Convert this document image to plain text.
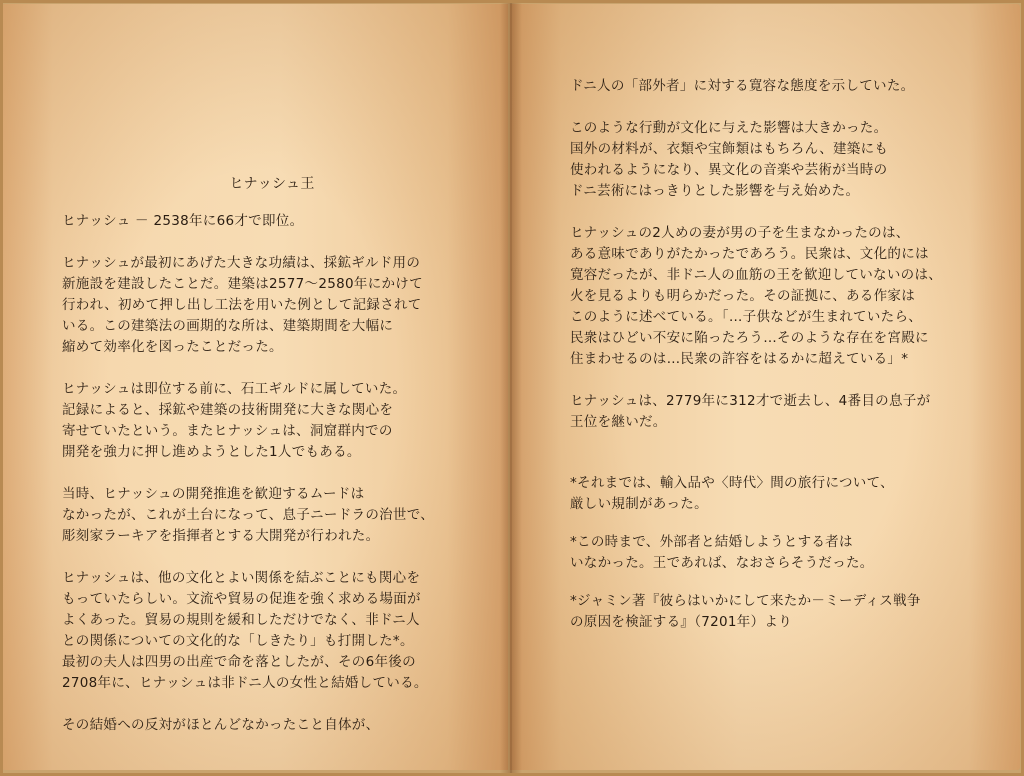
ヒナッシュ王

ヒナッシュ － 2538年に66才で即位。

ヒナッシュが最初にあげた大きな功績は、採鉱ギルド用の
新施設を建設したことだ。建築は2577～2580年にかけて
行われ、初めて押し出し工法を用いた例として記録されて
いる。この建築法の画期的な所は、建築期間を大幅に
縮めて効率化を図ったことだった。

ヒナッシュは即位する前に、石工ギルドに属していた。
記録によると、採鉱や建築の技術開発に大きな関心を
寄せていたという。またヒナッシュは、洞窟群内での
開発を強力に押し進めようとした1人でもある。

当時、ヒナッシュの開発推進を歓迎するムードは
なかったが、これが土台になって、息子ニードラの治世で、
彫刻家ラーキアを指揮者とする大開発が行われた。

ヒナッシュは、他の文化とよい関係を結ぶことにも関心を
もっていたらしい。文流や貿易の促進を強く求める場面が
よくあった。貿易の規則を緩和しただけでなく、非ドニ人
との関係についての文化的な「しきたり」も打開した*。
最初の夫人は四男の出産で命を落としたが、その6年後の
2708年に、ヒナッシュは非ドニ人の女性と結婚している。

その結婚への反対がほとんどなかったこと自体が、

ドニ人の「部外者」に対する寛容な態度を示していた。

このような行動が文化に与えた影響は大きかった。
国外の材料が、衣類や宝飾類はもちろん、建築にも
使われるようになり、異文化の音楽や芸術が当時の
ドニ芸術にはっきりとした影響を与え始めた。

ヒナッシュの2人めの妻が男の子を生まなかったのは、
ある意味でありがたかったであろう。民衆は、文化的には
寛容だったが、非ドニ人の血筋の王を歓迎していないのは、
火を見るよりも明らかだった。その証拠に、ある作家は
このように述べている。「…子供などが生まれていたら、
民衆はひどい不安に陥ったろう…そのような存在を宮殿に
住まわせるのは…民衆の許容をはるかに超えている」*

ヒナッシュは、2779年に312才で逝去し、4番目の息子が
王位を継いだ。

*それまでは、輸入品や〈時代〉間の旅行について、
厳しい規制があった。

*この時まで、外部者と結婚しようとする者は
いなかった。王であれば、なおさらそうだった。

*ジャミン著『彼らはいかにして来たか－ミーディス戦争
の原因を検証する』（7201年）より
